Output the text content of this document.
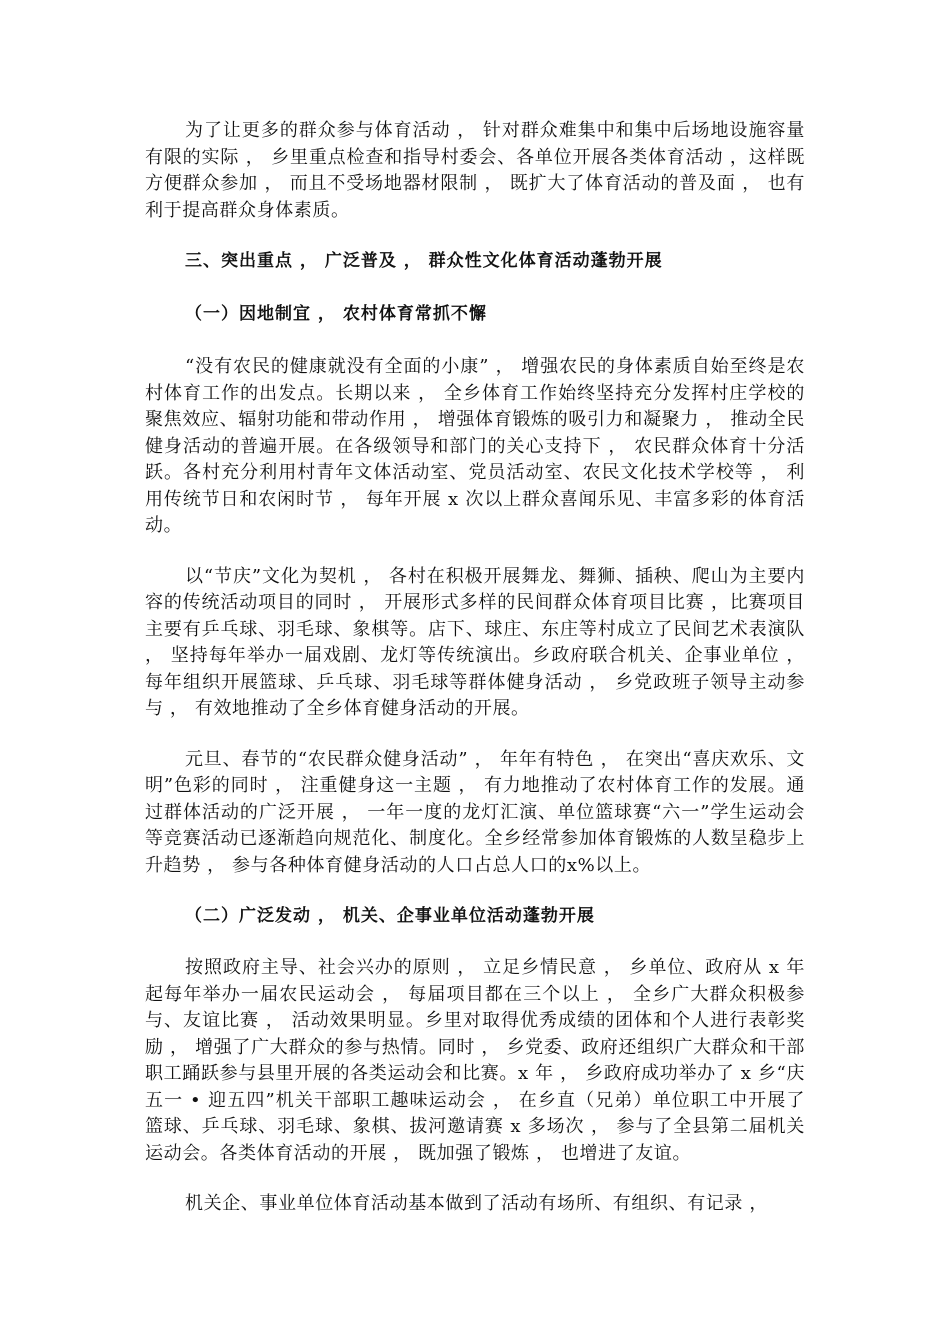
为了让更多的群众参与体育活动 ， 针对群众难集中和集中后场地设施容量有限的实际 ， 乡里重点检查和指导村委会、各单位开展各类体育活动 ，这样既方便群众参加 ， 而且不受场地器材限制 ， 既扩大了体育活动的普及面 ， 也有利于提高群众身体素质。

三、突出重点 ， 广泛普及 ， 群众性文化体育活动蓬勃开展

（一）因地制宜 ， 农村体育常抓不懈

“没有农民的健康就没有全面的小康” ， 增强农民的身体素质自始至终是农村体育工作的出发点。长期以来 ， 全乡体育工作始终坚持充分发挥村庄学校的聚焦效应、辐射功能和带动作用 ， 增强体育锻炼的吸引力和凝聚力 ， 推动全民健身活动的普遍开展。在各级领导和部门的关心支持下 ， 农民群众体育十分活跃。各村充分利用村青年文体活动室、党员活动室、农民文化技术学校等 ， 利用传统节日和农闲时节 ， 每年开展 x 次以上群众喜闻乐见、丰富多彩的体育活动。

以“节庆”文化为契机 ， 各村在积极开展舞龙、舞狮、插秧、爬山为主要内容的传统活动项目的同时 ， 开展形式多样的民间群众体育项目比赛 ，比赛项目主要有乒乓球、羽毛球、象棋等。店下、球庄、东庄等村成立了民间艺术表演队 ， 坚持每年举办一届戏剧、龙灯等传统演出。乡政府联合机关、企事业单位 ， 每年组织开展篮球、乒乓球、羽毛球等群体健身活动 ， 乡党政班子领导主动参与 ， 有效地推动了全乡体育健身活动的开展。

元旦、春节的“农民群众健身活动” ， 年年有特色 ， 在突出“喜庆欢乐、文明”色彩的同时 ， 注重健身这一主题 ， 有力地推动了农村体育工作的发展。通过群体活动的广泛开展 ， 一年一度的龙灯汇演、单位篮球赛“六一”学生运动会等竞赛活动已逐渐趋向规范化、制度化。全乡经常参加体育锻炼的人数呈稳步上升趋势 ， 参与各种体育健身活动的人口占总人口的x%以上。

（二）广泛发动 ， 机关、企事业单位活动蓬勃开展

按照政府主导、社会兴办的原则 ， 立足乡情民意 ， 乡单位、政府从 x 年起每年举办一届农民运动会 ， 每届项目都在三个以上 ， 全乡广大群众积极参与、友谊比赛 ， 活动效果明显。乡里对取得优秀成绩的团体和个人进行表彰奖励 ， 增强了广大群众的参与热情。同时 ， 乡党委、政府还组织广大群众和干部职工踊跃参与县里开展的各类运动会和比赛。x 年 ， 乡政府成功举办了 x 乡“庆五一 • 迎五四”机关干部职工趣味运动会 ， 在乡直（兄弟）单位职工中开展了篮球、乒乓球、羽毛球、象棋、拔河邀请赛 x 多场次 ， 参与了全县第二届机关运动会。各类体育活动的开展 ， 既加强了锻炼 ， 也增进了友谊。

机关企、事业单位体育活动基本做到了活动有场所、有组织、有记录 ，
